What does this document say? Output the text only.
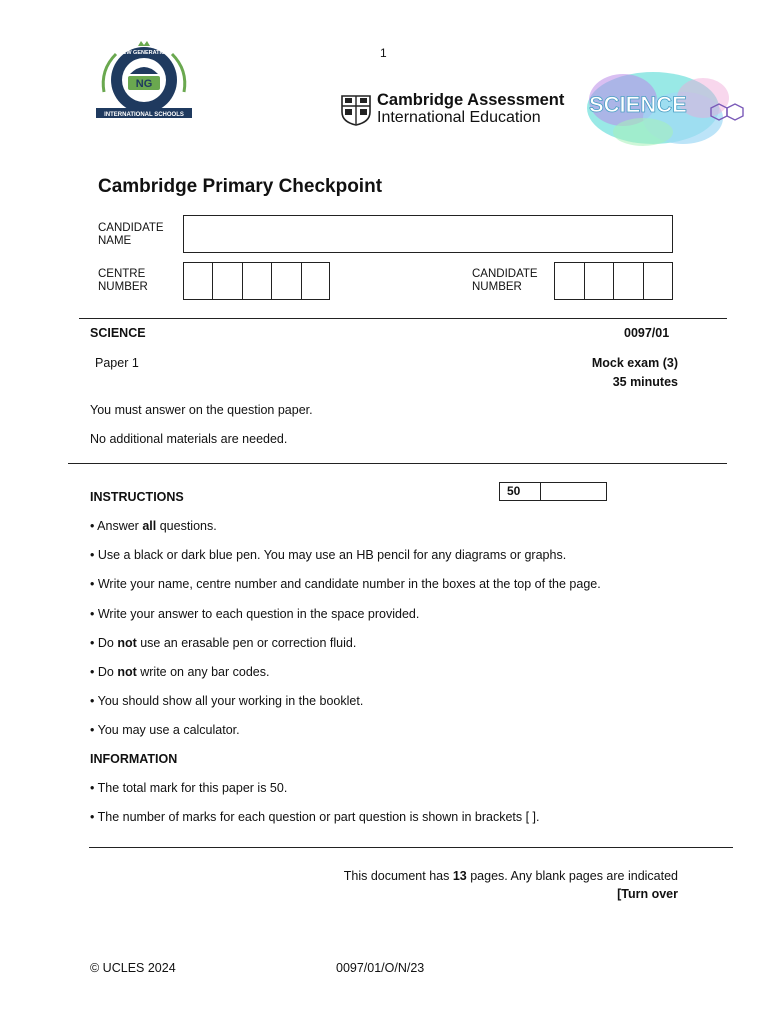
1
NG
NEW GENERATION
INTERNATIONAL SCHOOLS
Cambridge Assessment
International Education
SCIENCE
Cambridge Primary Checkpoint
CANDIDATE
NAME
CENTRE
NUMBER
CANDIDATE
NUMBER
SCIENCE	0097/01
Paper 1	Mock exam (3)
35 minutes
You must answer on the question paper.
No additional materials are needed.
50
INSTRUCTIONS
• Answer all questions.
• Use a black or dark blue pen. You may use an HB pencil for any diagrams or graphs.
• Write your name, centre number and candidate number in the boxes at the top of the page.
• Write your answer to each question in the space provided.
• Do not use an erasable pen or correction fluid.
• Do not write on any bar codes.
• You should show all your working in the booklet.
• You may use a calculator.
INFORMATION
• The total mark for this paper is 50.
• The number of marks for each question or part question is shown in brackets [ ].
This document has 13 pages. Any blank pages are indicated
[Turn over
© UCLES 2024	0097/01/O/N/23
